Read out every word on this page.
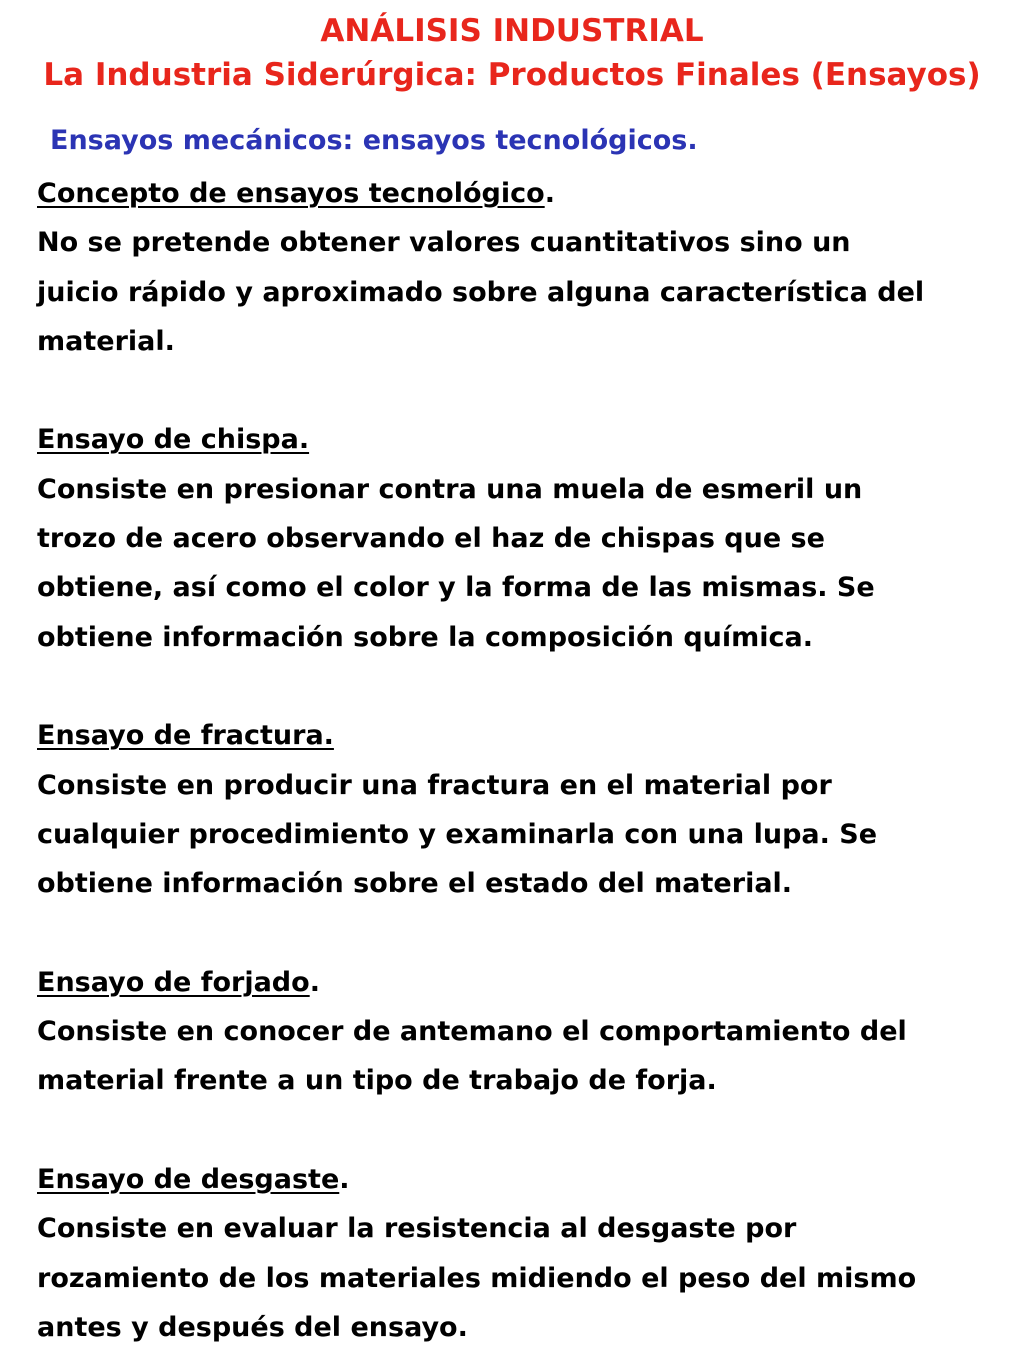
ANÁLISIS INDUSTRIAL
La Industria Siderúrgica: Productos Finales (Ensayos)
Ensayos mecánicos: ensayos tecnológicos.
Concepto de ensayos tecnológico.
No se pretende obtener valores cuantitativos sino un
juicio rápido y aproximado sobre alguna característica del
material.
Ensayo de chispa.
Consiste en presionar contra una muela de esmeril un
trozo de acero observando el haz de chispas que se
obtiene, así como el color y la forma de las mismas. Se
obtiene información sobre la composición química.
Ensayo de fractura.
Consiste en producir una fractura en el material por
cualquier procedimiento y examinarla con una lupa. Se
obtiene información sobre el estado del material.
Ensayo de forjado.
Consiste en conocer de antemano el comportamiento del
material frente a un tipo de trabajo de forja.
Ensayo de desgaste.
Consiste en evaluar la resistencia al desgaste por
rozamiento de los materiales midiendo el peso del mismo
antes y después del ensayo.
